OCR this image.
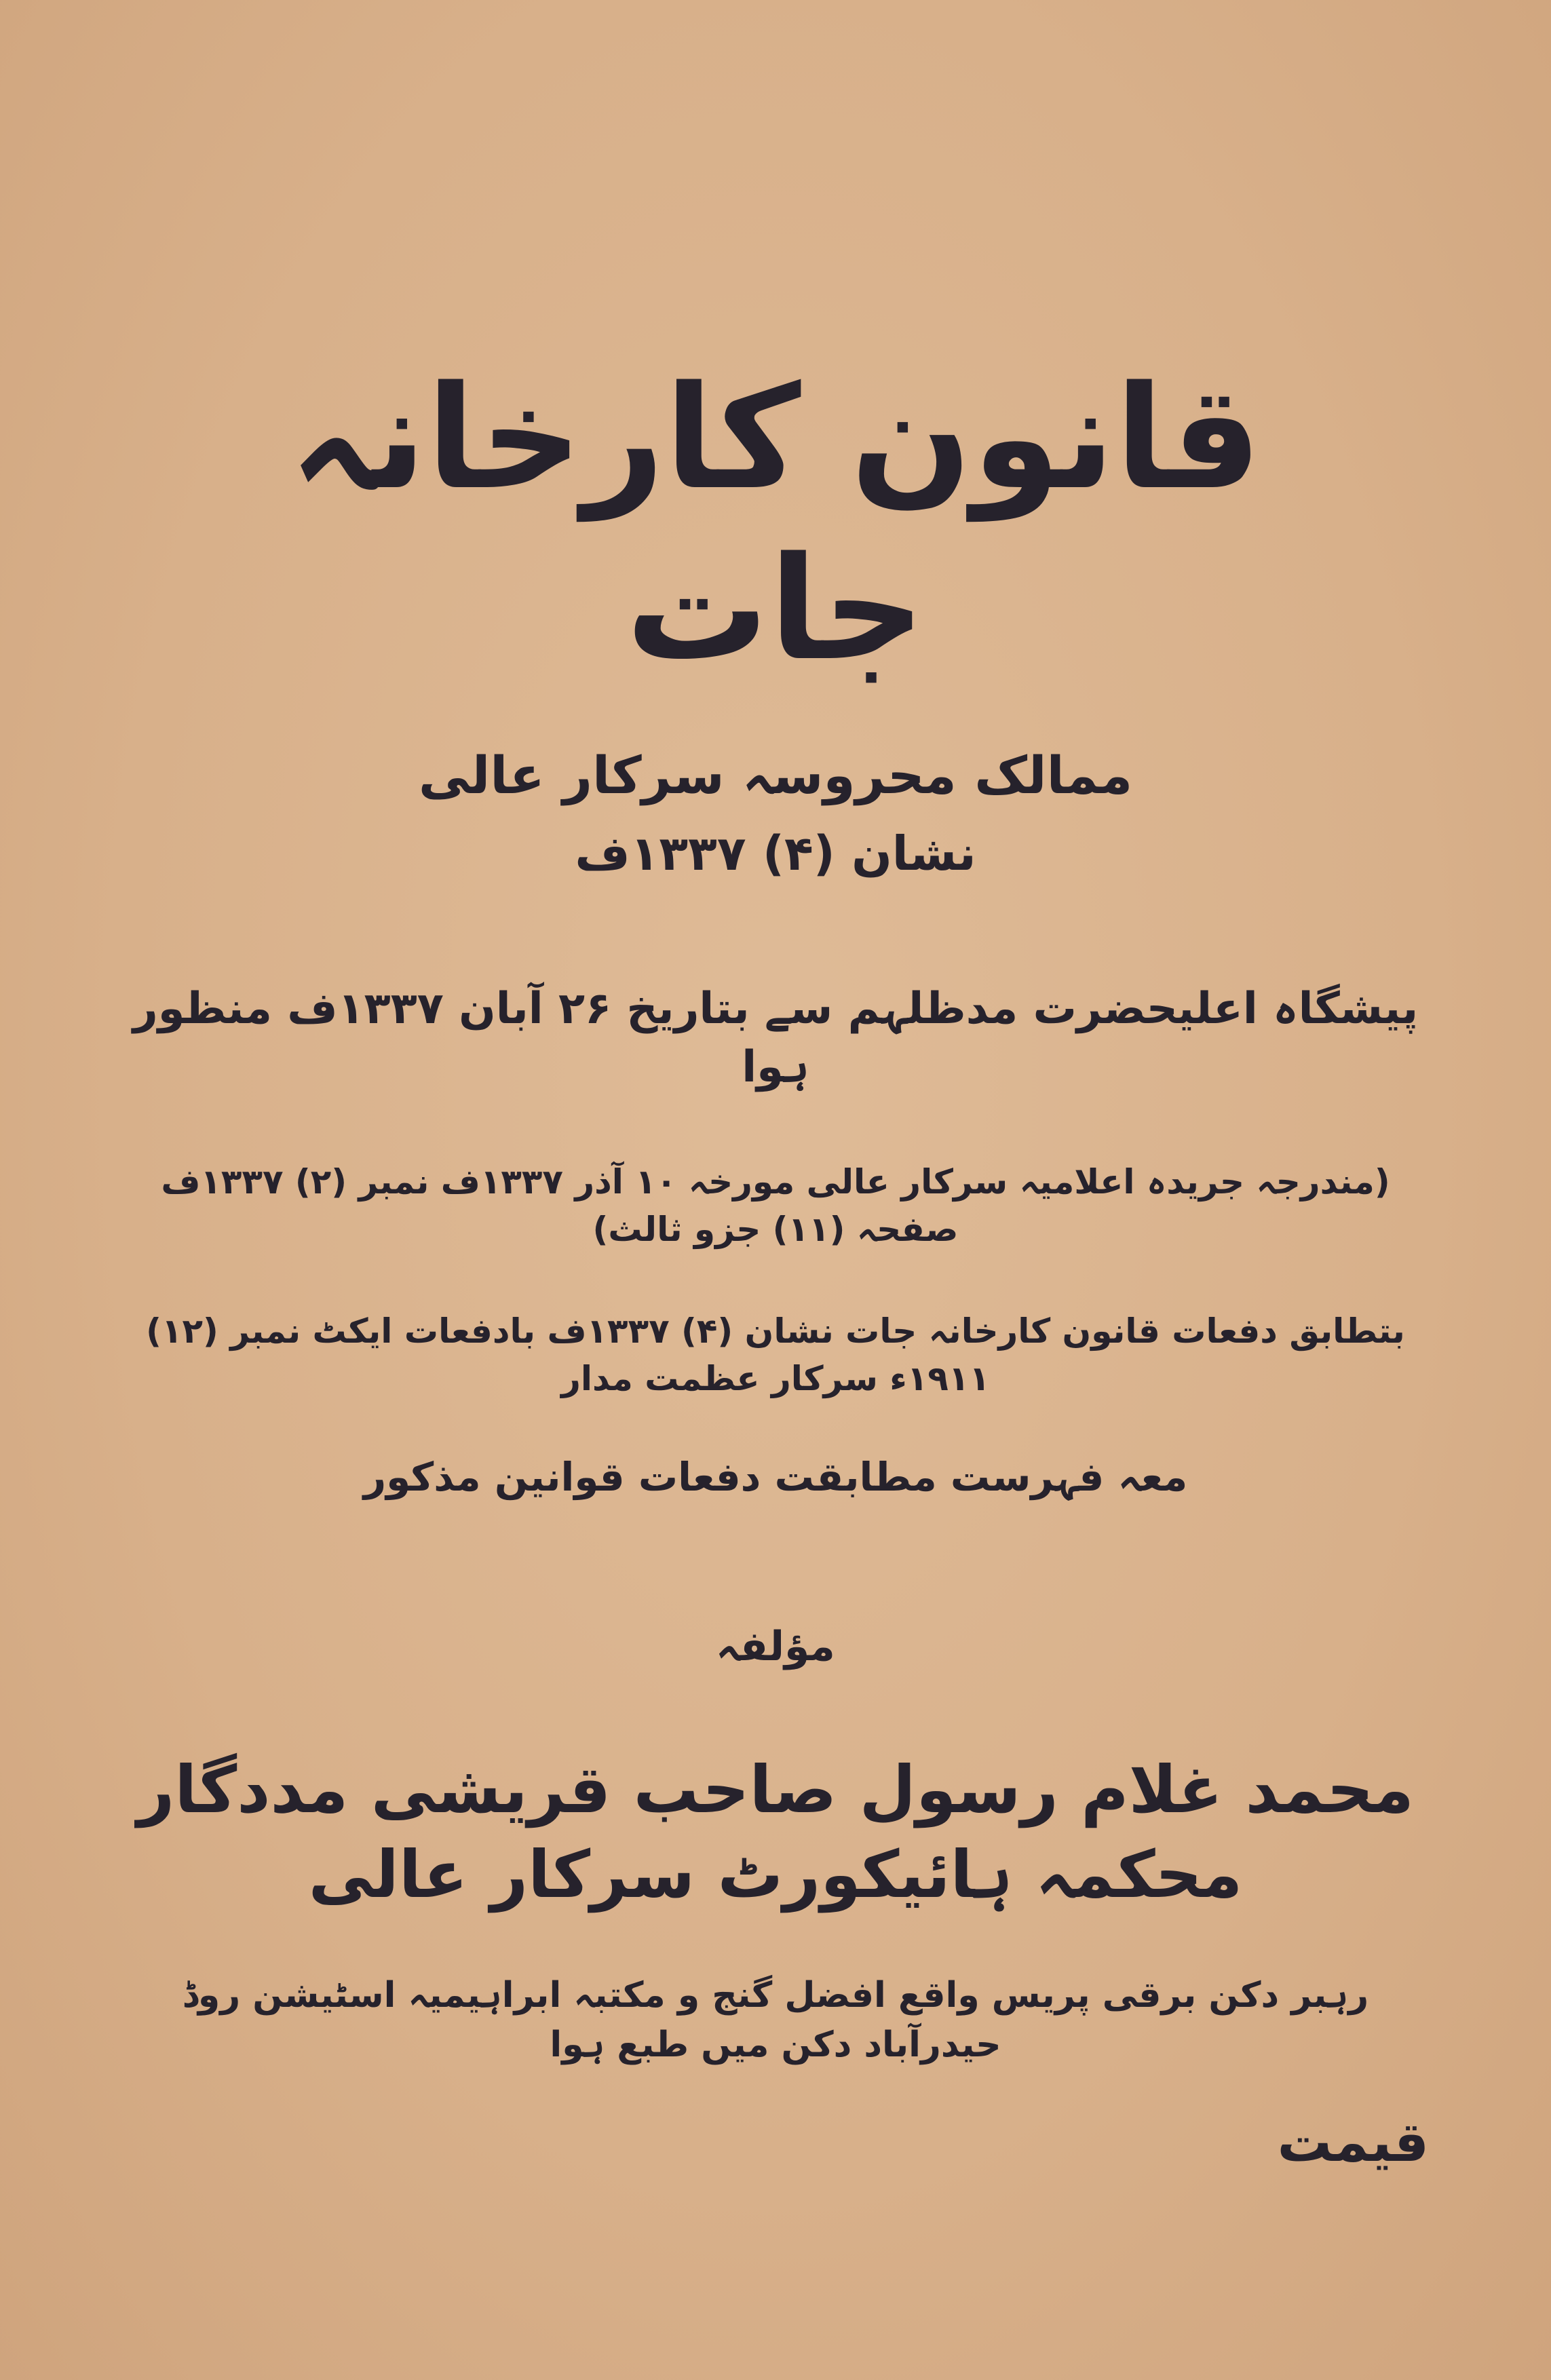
قانون کارخانہ جات
ممالک محروسہ سرکار عالی
نشان (۴) ۱۳۳۷ف
پیشگاہ اعلیحضرت مدظلہم سے بتاریخ ۲۶ آبان ۱۳۳۷ف منظور ہوا
(مندرجہ جریدہ اعلامیہ سرکار عالی مورخہ ۱۰ آذر ۱۳۳۷ف نمبر (۲) ۱۳۳۷ف صفحہ (۱۱) جزو ثالث)
بتطابق دفعات قانون کارخانہ جات نشان (۴) ۱۳۳۷ف بادفعات ایکٹ نمبر (۱۲) ۱۹۱۱ء سرکار عظمت مدار
معہ فہرست مطابقت دفعات قوانین مذکور
مؤلفہ
محمد غلام رسول صاحب قریشی مددگار محکمہ ہائیکورٹ سرکار عالی
رہبر دکن برقی پریس واقع افضل گنج و مکتبہ ابراہیمیہ اسٹیشن روڈ حیدرآباد دکن میں طبع ہوا
قیمت
